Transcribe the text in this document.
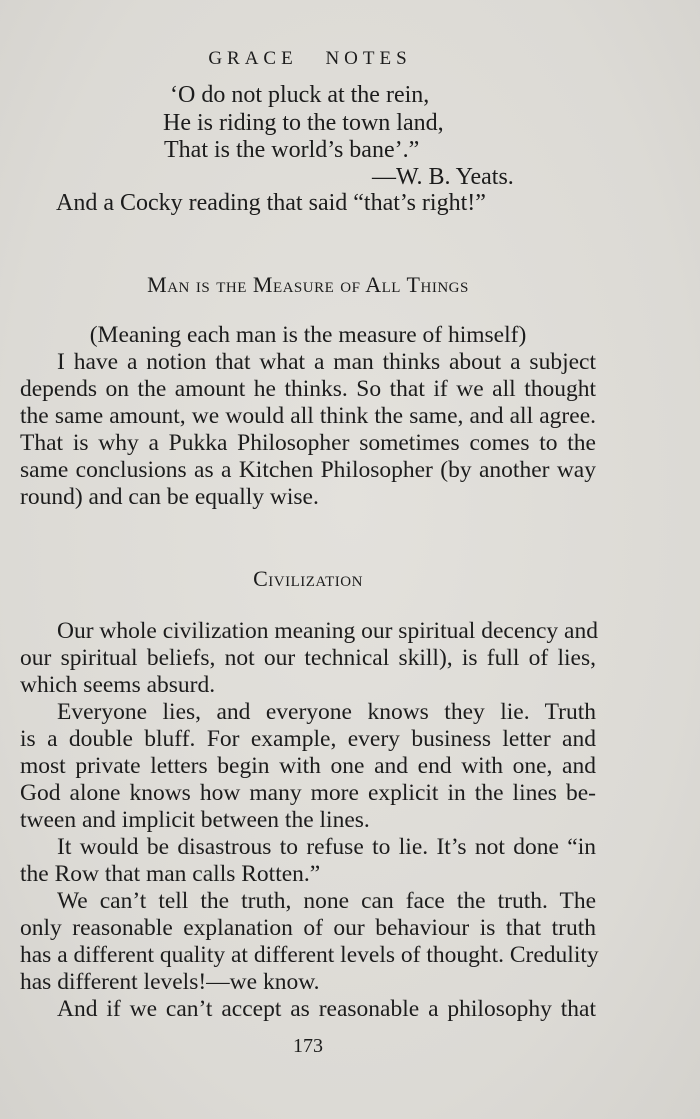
GRACE NOTES
‘O do not pluck at the rein,
He is riding to the town land,
That is the world’s bane’.”
—W. B. Yeats.
And a Cocky reading that said “that’s right!”
Man is the Measure of All Things
(Meaning each man is the measure of himself)
I have a notion that what a man thinks about a subject
depends on the amount he thinks. So that if we all thought
the same amount, we would all think the same, and all agree.
That is why a Pukka Philosopher sometimes comes to the
same conclusions as a Kitchen Philosopher (by another way
round) and can be equally wise.
Civilization
Our whole civilization meaning our spiritual decency and
our spiritual beliefs, not our technical skill), is full of lies,
which seems absurd.
Everyone lies, and everyone knows they lie. Truth
is a double bluff. For example, every business letter and
most private letters begin with one and end with one, and
God alone knows how many more explicit in the lines be-
tween and implicit between the lines.
It would be disastrous to refuse to lie. It’s not done “in
the Row that man calls Rotten.”
We can’t tell the truth, none can face the truth. The
only reasonable explanation of our behaviour is that truth
has a different quality at different levels of thought. Credulity
has different levels!—we know.
And if we can’t accept as reasonable a philosophy that
173
